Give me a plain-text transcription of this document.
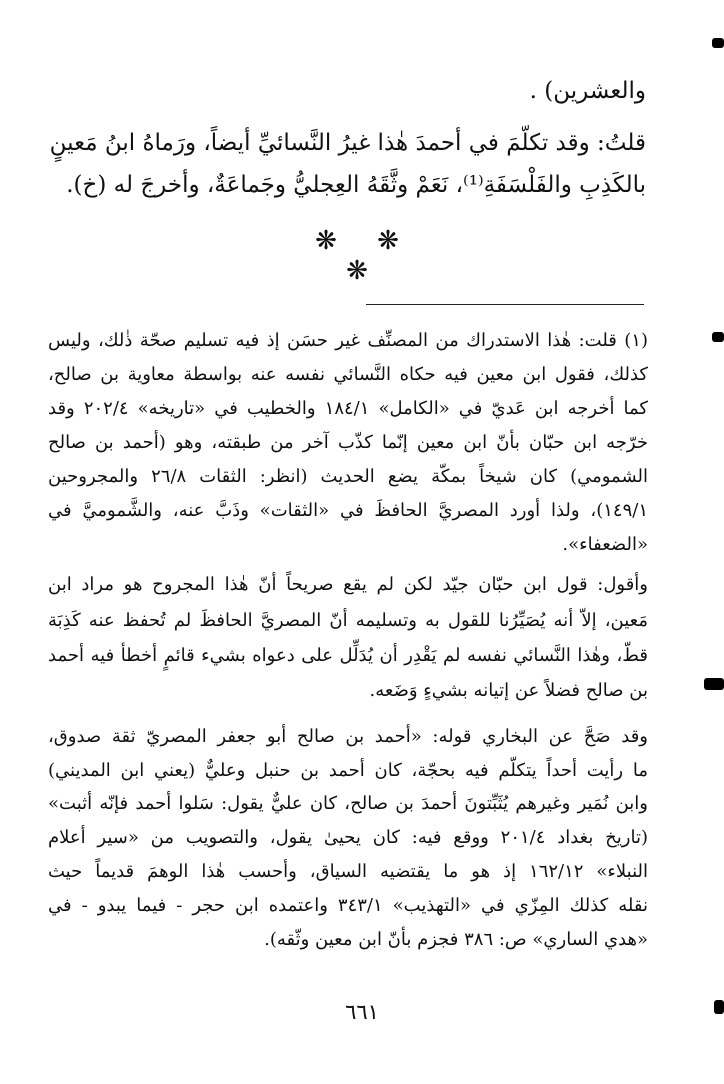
والعشرين) .
قلتُ: وقد تكلّمَ في أحمدَ هٰذا غيرُ النَّسائيِّ أيضاً، ورَماهُ ابنُ مَعينٍ
بالكَذِبِ والفَلْسَفَةِ⁽¹⁾، نَعَمْ وثَّقَهُ العِجليُّ وجَماعَةٌ، وأخرجَ له (خ).
❋ ❋ ❋
(١) قلت: هٰذا الاستدراك من المصنِّف غير حسَن إذ فيه تسليم صحّة ذٰلك، وليس
كذلك، فقول ابن معين فيه حكاه النَّسائي نفسه عنه بواسطة معاوية بن صالح،
كما أخرجه ابن عَديّ في «الكامل» ١٨٤/١ والخطيب في «تاريخه» ٢٠٢/٤ وقد
خرّجه ابن حبّان بأنّ ابن معين إنّما كذّب آخر من طبقته، وهو (أحمد بن صالح
الشمومي) كان شيخاً بمكّة يضع الحديث (انظر: الثقات ٢٦/٨ والمجروحين
١٤٩/١)، ولذا أورد المصريَّ الحافظَ في «الثقات» وذَبَّ عنه، والشَّموميَّ في
«الضعفاء».
وأقول: قول ابن حبّان جيّد لكن لم يقع صريحاً أنّ هٰذا المجروح هو مراد ابن
مَعين، إلاّ أنه يُصَيِّرُنا للقول به وتسليمه أنّ المصريَّ الحافظَ لم تُحفظ عنه كَذِبَة
قطّ، وهٰذا النَّسائي نفسه لم يَقْدِر أن يُدَلِّل على دعواه بشيء قائمٍ أخطأ فيه أحمد
بن صالح فضلاً عن إتيانه بشيءٍ وَضَعه.
وقد صَحَّ عن البخاري قوله: «أحمد بن صالح أبو جعفر المصريّ ثقة صدوق،
ما رأيت أحداً يتكلّم فيه بحجّة، كان أحمد بن حنبل وعليٌّ (يعني ابن المديني)
وابن نُمَير وغيرهم يُثَبِّتونَ أحمدَ بن صالح، كان عليٌّ يقول: سَلوا أحمد فإنّه أثبت»
(تاريخ بغداد ٢٠١/٤ ووقع فيه: كان يحيىٰ يقول، والتصويب من «سير أعلام
النبلاء» ١٦٢/١٢ إذ هو ما يقتضيه السياق، وأحسب هٰذا الوهمَ قديماً حيث
نقله كذلك المِزّي في «التهذيب» ٣٤٣/١ واعتمده ابن حجر - فيما يبدو - في
«هدي الساري» ص: ٣٨٦ فجزم بأنّ ابن معين وثّقه).
٦٦١
